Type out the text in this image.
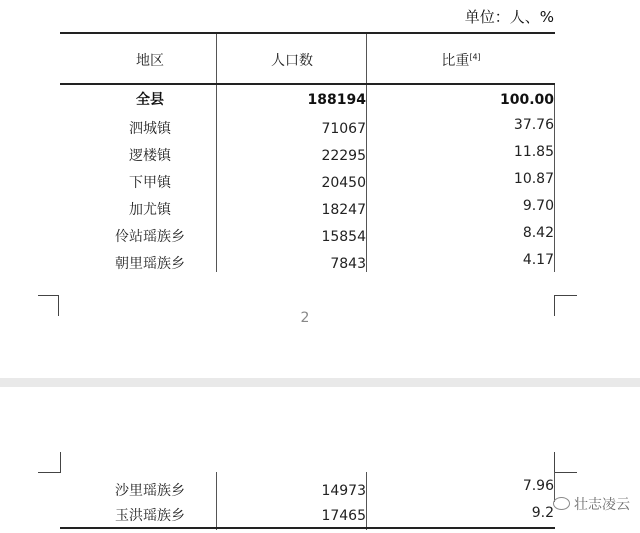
单位：人、%
地区	人口数	比重[4]
全县	188194	100.00
泗城镇	71067	37.76
逻楼镇	22295	11.85
下甲镇	20450	10.87
加尤镇	18247	9.70
伶站瑶族乡	15854	8.42
朝里瑶族乡	7843	4.17
2
沙里瑶族乡	14973	7.96
玉洪瑶族乡	17465	9.2	壮志凌云
